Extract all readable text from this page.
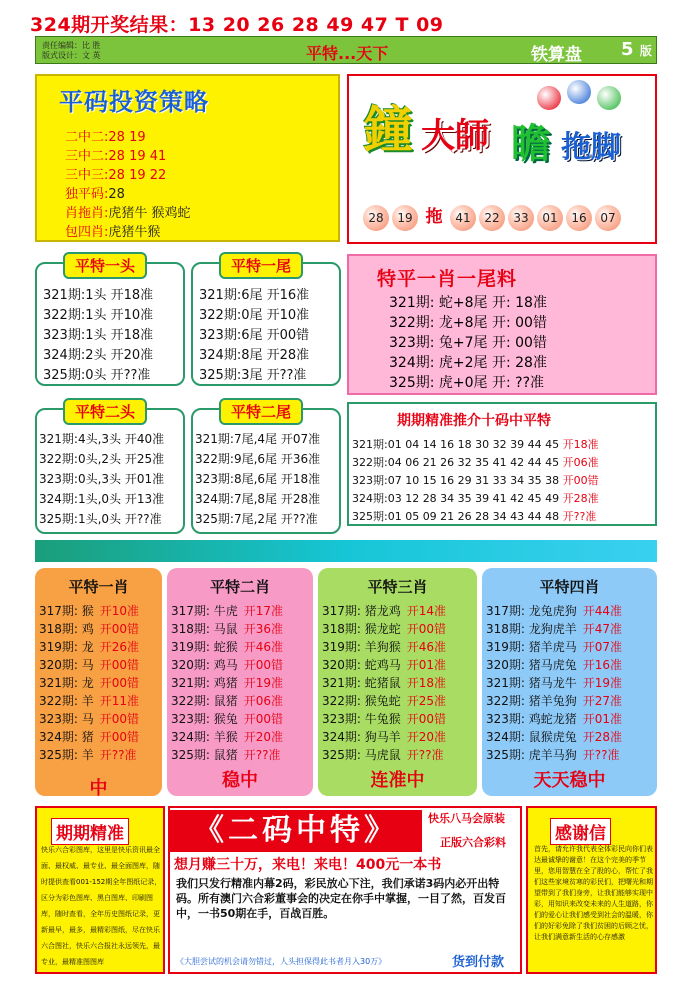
324期开奖结果：13 20 26 28 49 47 T 09
责任编辑：比 胜
版式设计：文 英	平特...天下	铁算盘 5 版
平码投资策略
二中二:28 19
三中二:28 19 41
三中三:28 19 22
独平码:28
肖拖肖:虎猪牛 猴鸡蛇
包四肖:虎猪牛猴
鐘 大師 瞻 拖脚
28 19 拖 41 22 33 01 16 07
平特一头
321期:1头 开18准
322期:1头 开10准
323期:1头 开18准
324期:2头 开20准
325期:0头 开??准
平特一尾
321期:6尾 开16准
322期:0尾 开10准
323期:6尾 开00错
324期:8尾 开28准
325期:3尾 开??准
特平一肖一尾料
321期: 蛇+8尾 开: 18准
322期: 龙+8尾 开: 00错
323期: 兔+7尾 开: 00错
324期: 虎+2尾 开: 28准
325期: 虎+0尾 开: ??准
平特二头
321期:4头,3头 开40准
322期:0头,2头 开25准
323期:0头,3头 开01准
324期:1头,0头 开13准
325期:1头,0头 开??准
平特二尾
321期:7尾,4尾 开07准
322期:9尾,6尾 开36准
323期:8尾,6尾 开18准
324期:7尾,8尾 开28准
325期:7尾,2尾 开??准
期期精准推介十码中平特
321期:01 04 14 16 18 30 32 39 44 45 开18准
322期:04 06 21 26 32 35 41 42 44 45 开06准
323期:07 10 15 16 29 31 33 34 35 38 开00错
324期:03 12 28 34 35 39 41 42 45 49 开28准
325期:01 05 09 21 26 28 34 43 44 48 开??准
平特一肖
317期: 猴 开10准
318期: 鸡 开00错
319期: 龙 开26准
320期: 马 开00错
321期: 龙 开00错
322期: 羊 开11准
323期: 马 开00错
324期: 猪 开00错
325期: 羊 开??准
中
平特二肖
317期: 牛虎 开17准
318期: 马鼠 开36准
319期: 蛇猴 开46准
320期: 鸡马 开00错
321期: 鸡猪 开19准
322期: 鼠猪 开06准
323期: 猴兔 开00错
324期: 羊猴 开20准
325期: 鼠猪 开??准
稳中
平特三肖
317期: 猪龙鸡 开14准
318期: 猴龙蛇 开00错
319期: 羊狗猴 开46准
320期: 蛇鸡马 开01准
321期: 蛇猪鼠 开18准
322期: 猴兔蛇 开25准
323期: 牛兔猴 开00错
324期: 狗马羊 开20准
325期: 马虎鼠 开??准
连准中
平特四肖
317期: 龙兔虎狗 开44准
318期: 龙狗虎羊 开47准
319期: 猪羊虎马 开07准
320期: 猪马虎兔 开16准
321期: 猪马龙牛 开19准
322期: 猪羊兔狗 开27准
323期: 鸡蛇龙猪 开01准
324期: 鼠猴虎兔 开28准
325期: 虎羊马狗 开??准
天天稳中
期期精准
快乐六合彩图库，这里是快乐资讯最全面、最权威、最专业、最全面图库，随时提供查看001-152期全年图纸记录，区分为彩色图库、黑白图库、印刷图库，随时查看，全年历史图纸记录，更新最早，最多，最精彩图纸，尽在快乐六合图社，快乐六合报社永远领先，最专业，最精准图图库
《二码中特》	快乐八马会原装
正版六合彩料
想月赚三十万，来电！来电！400元一本书
我们只发行精准内幕2码，彩民放心下注，我们承诺3码内必开出特码。所有澳门六合彩董事会的决定在你手中掌握，一目了然，百发百中，一书50期在手，百战百胜。
《大胆尝试的机会请勿错过，人头担保得此书者月入30万》	货到付款
感谢信
首先，请允许我代表全体彩民向你们表达最诚挚的谢意！在这个完美的季节里，您用智慧在全了股的心，帮忙了我们这些家境贫寒的彩民们，把曙光和期望带到了我们身旁，让我们能够实现中彩，用知识来改变未来的人生道路，你们的爱心让我们感受到社会的温暖，你们的好彩免除了我们贫困的后顾之忧，让我们满意新生活的心存感激
